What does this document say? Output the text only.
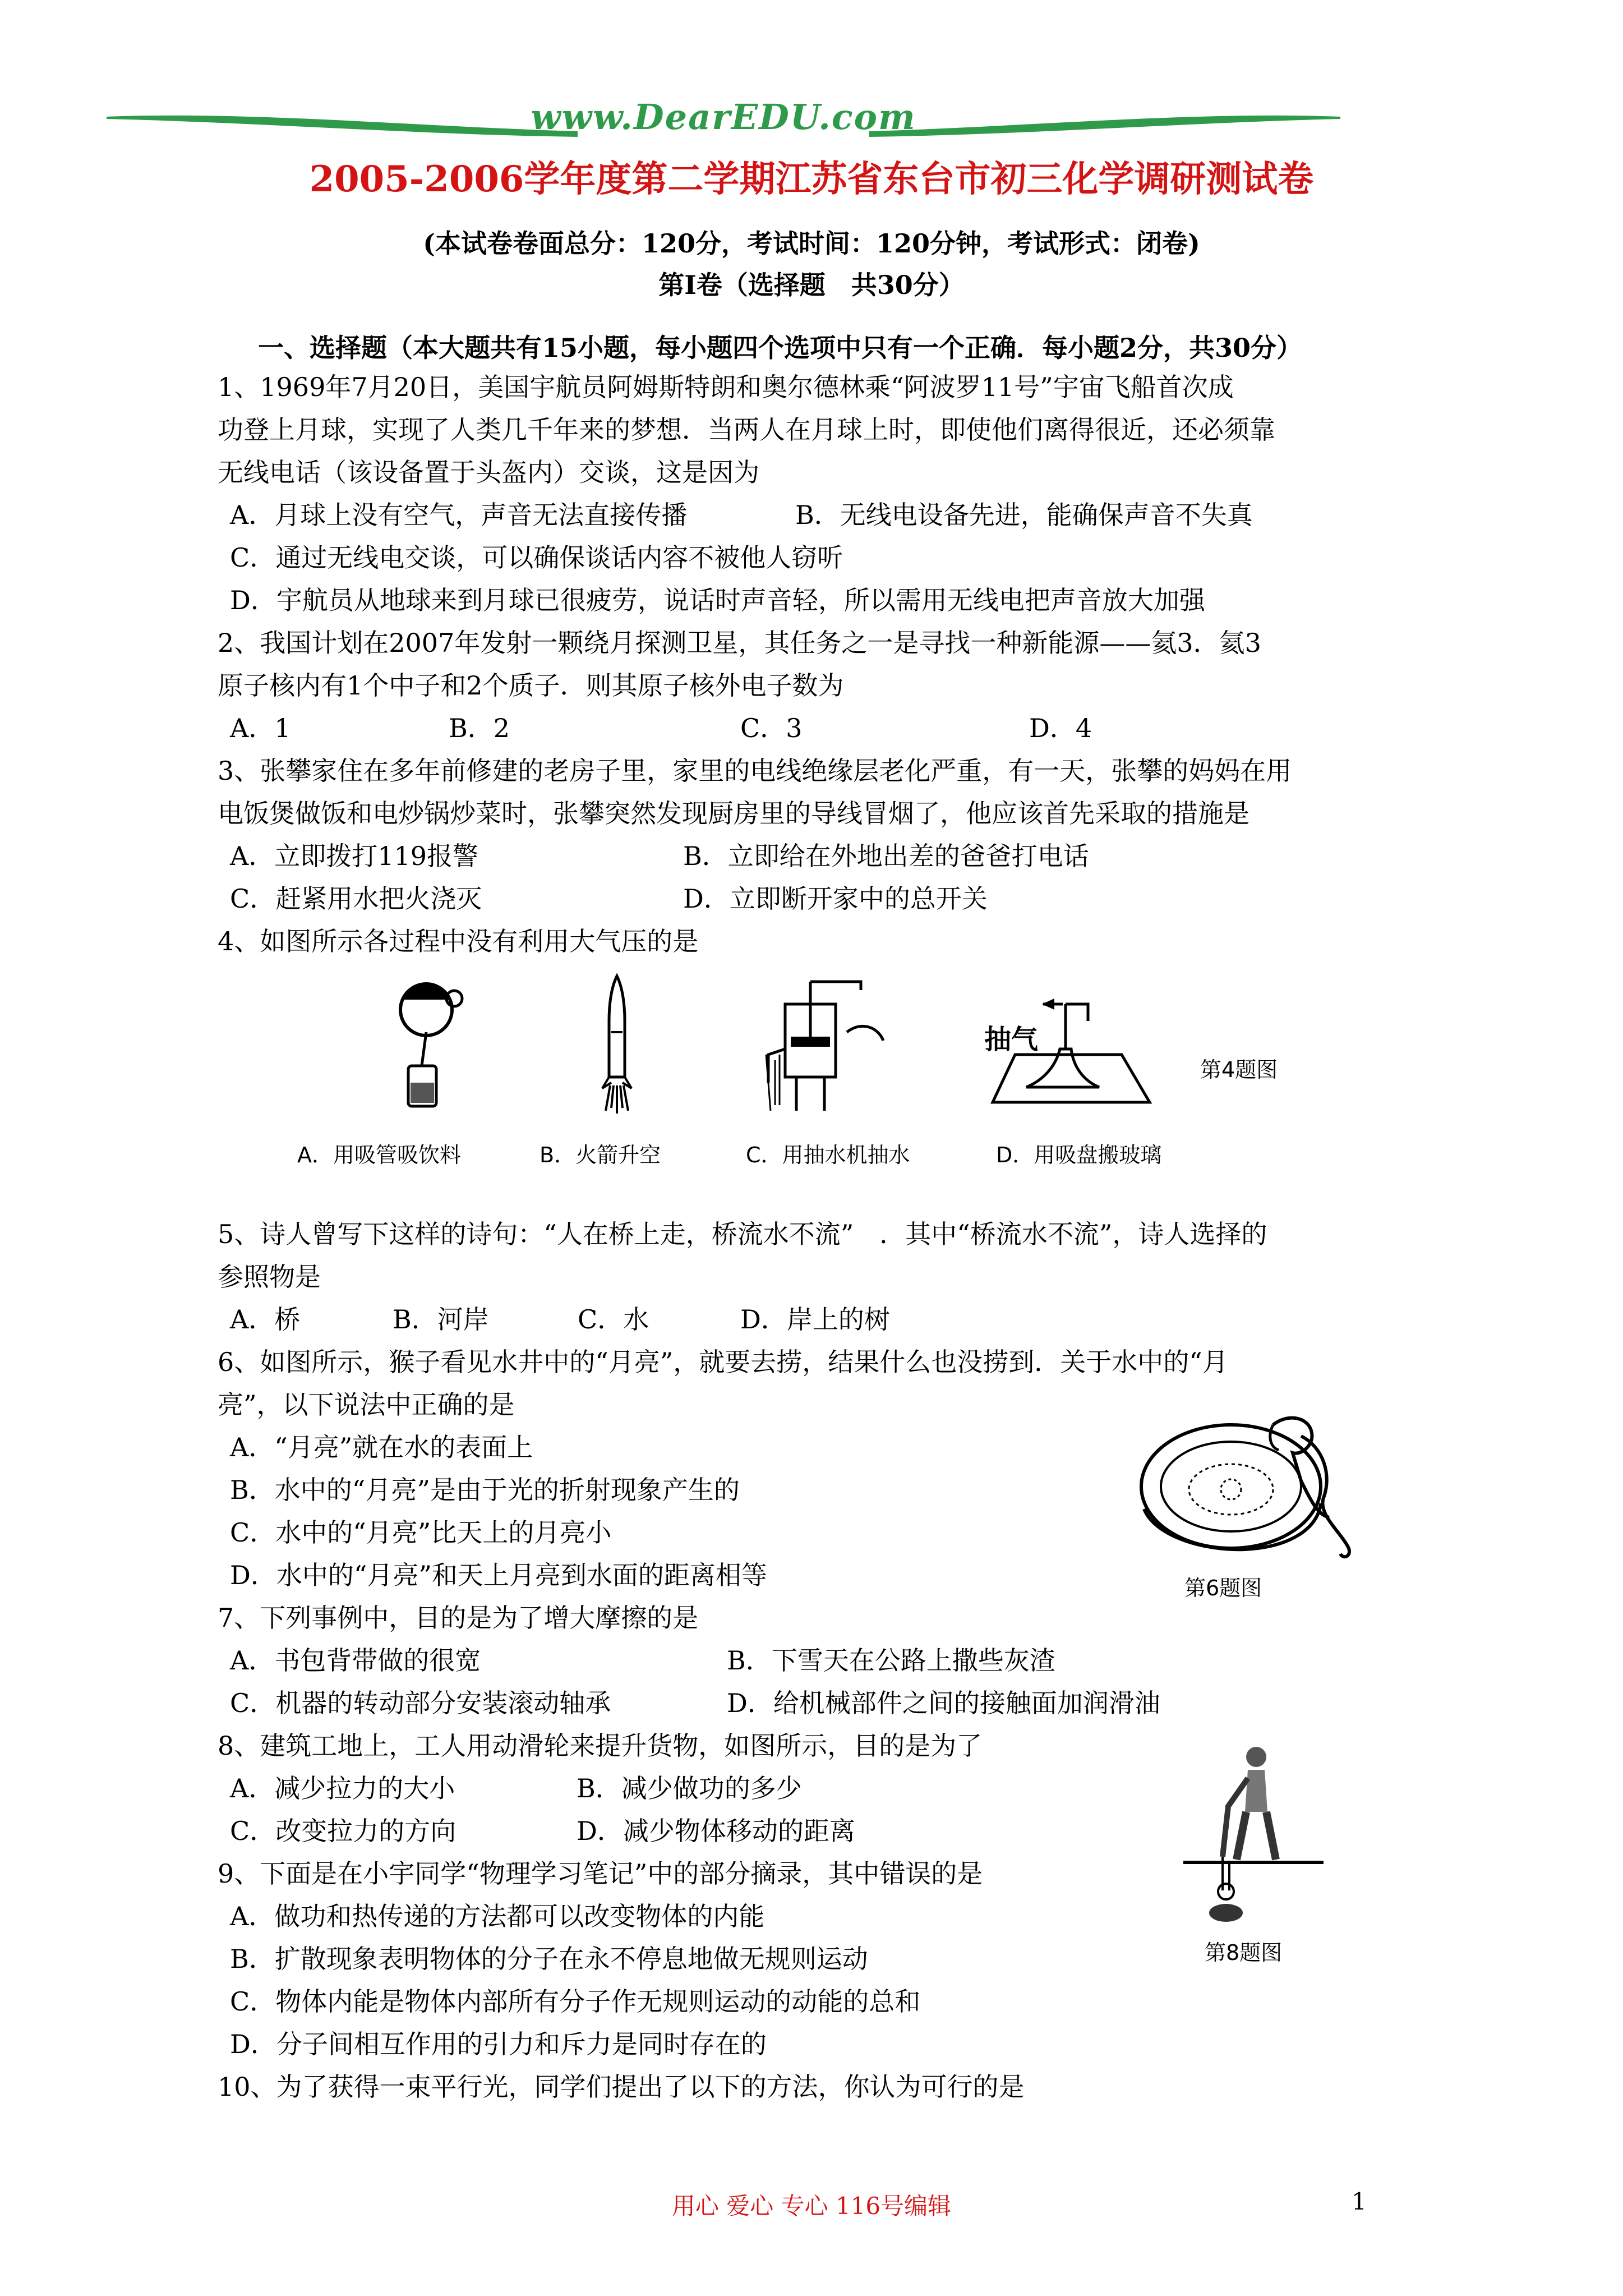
www.DearEDU.com
2005-2006学年度第二学期江苏省东台市初三化学调研测试卷
(本试卷卷面总分：120分，考试时间：120分钟，考试形式：闭卷)
第Ⅰ卷（选择题　共30分）
一、选择题（本大题共有15小题，每小题四个选项中只有一个正确．每小题2分，共30分）
1、1969年7月20日，美国宇航员阿姆斯特朗和奥尔德林乘“阿波罗11号”宇宙飞船首次成
功登上月球，实现了人类几千年来的梦想．当两人在月球上时，即使他们离得很近，还必须靠
无线电话（该设备置于头盔内）交谈，这是因为
A．月球上没有空气，声音无法直接传播	B．无线电设备先进，能确保声音不失真
C．通过无线电交谈，可以确保谈话内容不被他人窃听
D．宇航员从地球来到月球已很疲劳，说话时声音轻，所以需用无线电把声音放大加强
2、我国计划在2007年发射一颗绕月探测卫星，其任务之一是寻找一种新能源——氦3．氦3
原子核内有1个中子和2个质子．则其原子核外电子数为
A．1	B．2	C．3	D．4
3、张攀家住在多年前修建的老房子里，家里的电线绝缘层老化严重，有一天，张攀的妈妈在用
电饭煲做饭和电炒锅炒菜时，张攀突然发现厨房里的导线冒烟了，他应该首先采取的措施是
A．立即拨打119报警	B．立即给在外地出差的爸爸打电话
C．赶紧用水把火浇灭	D．立即断开家中的总开关
4、如图所示各过程中没有利用大气压的是
抽气
第4题图
A．用吸管吸饮料	B．火箭升空	C．用抽水机抽水	D．用吸盘搬玻璃
5、诗人曾写下这样的诗句：“人在桥上走，桥流水不流”　．其中“桥流水不流”，诗人选择的
参照物是
A．桥	B．河岸	C．水	D．岸上的树
6、如图所示，猴子看见水井中的“月亮”，就要去捞，结果什么也没捞到．关于水中的“月
亮”，以下说法中正确的是
A．“月亮”就在水的表面上
B．水中的“月亮”是由于光的折射现象产生的
C．水中的“月亮”比天上的月亮小
D．水中的“月亮”和天上月亮到水面的距离相等	第6题图
7、下列事例中，目的是为了增大摩擦的是
A．书包背带做的很宽	B．下雪天在公路上撒些灰渣
C．机器的转动部分安装滚动轴承	D．给机械部件之间的接触面加润滑油
8、建筑工地上，工人用动滑轮来提升货物，如图所示，目的是为了
A．减少拉力的大小	B．减少做功的多少
C．改变拉力的方向	D．减少物体移动的距离
第8题图
9、下面是在小宇同学“物理学习笔记”中的部分摘录，其中错误的是
A．做功和热传递的方法都可以改变物体的内能
B．扩散现象表明物体的分子在永不停息地做无规则运动
C．物体内能是物体内部所有分子作无规则运动的动能的总和
D．分子间相互作用的引力和斥力是同时存在的
10、为了获得一束平行光，同学们提出了以下的方法，你认为可行的是
用心 爱心 专心 116号编辑	1
